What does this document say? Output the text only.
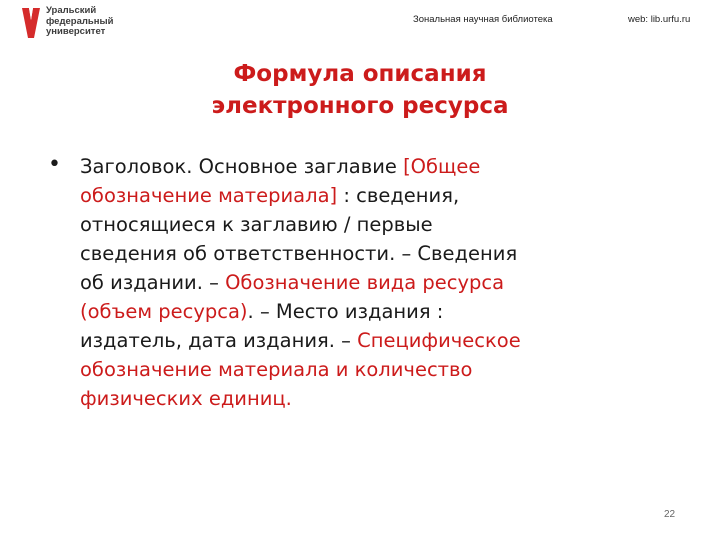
Уральский
федеральный
университет
Зональная научная библиотека	web: lib.urfu.ru
Формула описания
электронного ресурса
• Заголовок. Основное заглавие [Общее
обозначение материала] : сведения,
относящиеся к заглавию / первые
сведения об ответственности. – Сведения
об издании. – Обозначение вида ресурса
(объем ресурса). – Место издания :
издатель, дата издания. – Специфическое
обозначение материала и количество
физических единиц.
22
